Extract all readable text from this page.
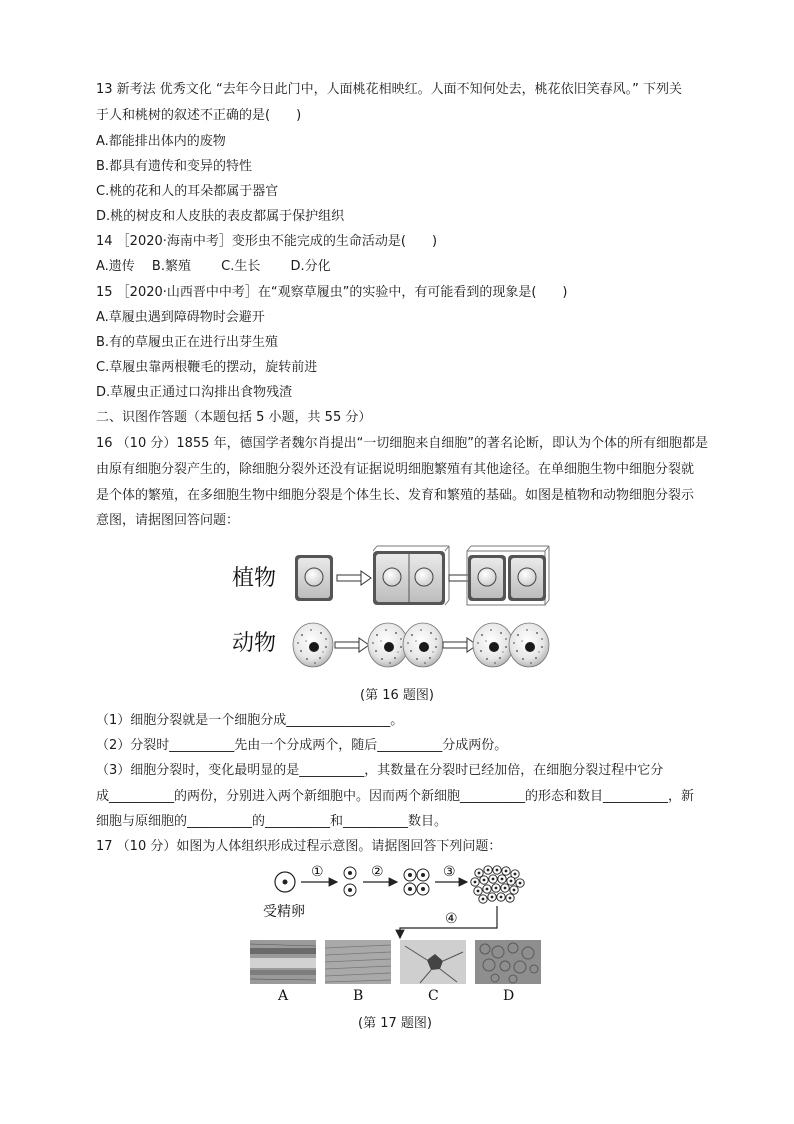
13 新考法 优秀文化 “去年今日此门中，人面桃花相映红。人面不知何处去，桃花依旧笑春风。” 下列关
于人和桃树的叙述不正确的是(　　)
A.都能排出体内的废物
B.都具有遗传和变异的特性
C.桃的花和人的耳朵都属于器官
D.桃的树皮和人皮肤的表皮都属于保护组织
14 ［2020·海南中考］变形虫不能完成的生命活动是(　　)
A.遗传　 B.繁殖　　 C.生长　　 D.分化
15 ［2020·山西晋中中考］在“观察草履虫”的实验中，有可能看到的现象是(　　)
A.草履虫遇到障碍物时会避开
B.有的草履虫正在进行出芽生殖
C.草履虫靠两根鞭毛的摆动，旋转前进
D.草履虫正通过口沟排出食物残渣
二、识图作答题（本题包括 5 小题，共 55 分）
16 （10 分）1855 年，德国学者魏尔肖提出“一切细胞来自细胞”的著名论断，即认为个体的所有细胞都是
由原有细胞分裂产生的，除细胞分裂外还没有证据说明细胞繁殖有其他途径。在单细胞生物中细胞分裂就
是个体的繁殖，在多细胞生物中细胞分裂是个体生长、发育和繁殖的基础。如图是植物和动物细胞分裂示
意图，请据图回答问题：
植物
动物
(第 16 题图)
（1）细胞分裂就是一个细胞分成________________。
（2）分裂时__________先由一个分成两个，随后__________分成两份。
（3）细胞分裂时，变化最明显的是__________，其数量在分裂时已经加倍，在细胞分裂过程中它分
成__________的两份，分别进入两个新细胞中。因而两个新细胞__________的形态和数目__________，新
细胞与原细胞的__________的__________和__________数目。
17 （10 分）如图为人体组织形成过程示意图。请据图回答下列问题：
受精卵
①	②	③
④
A	B	C	D
(第 17 题图)
